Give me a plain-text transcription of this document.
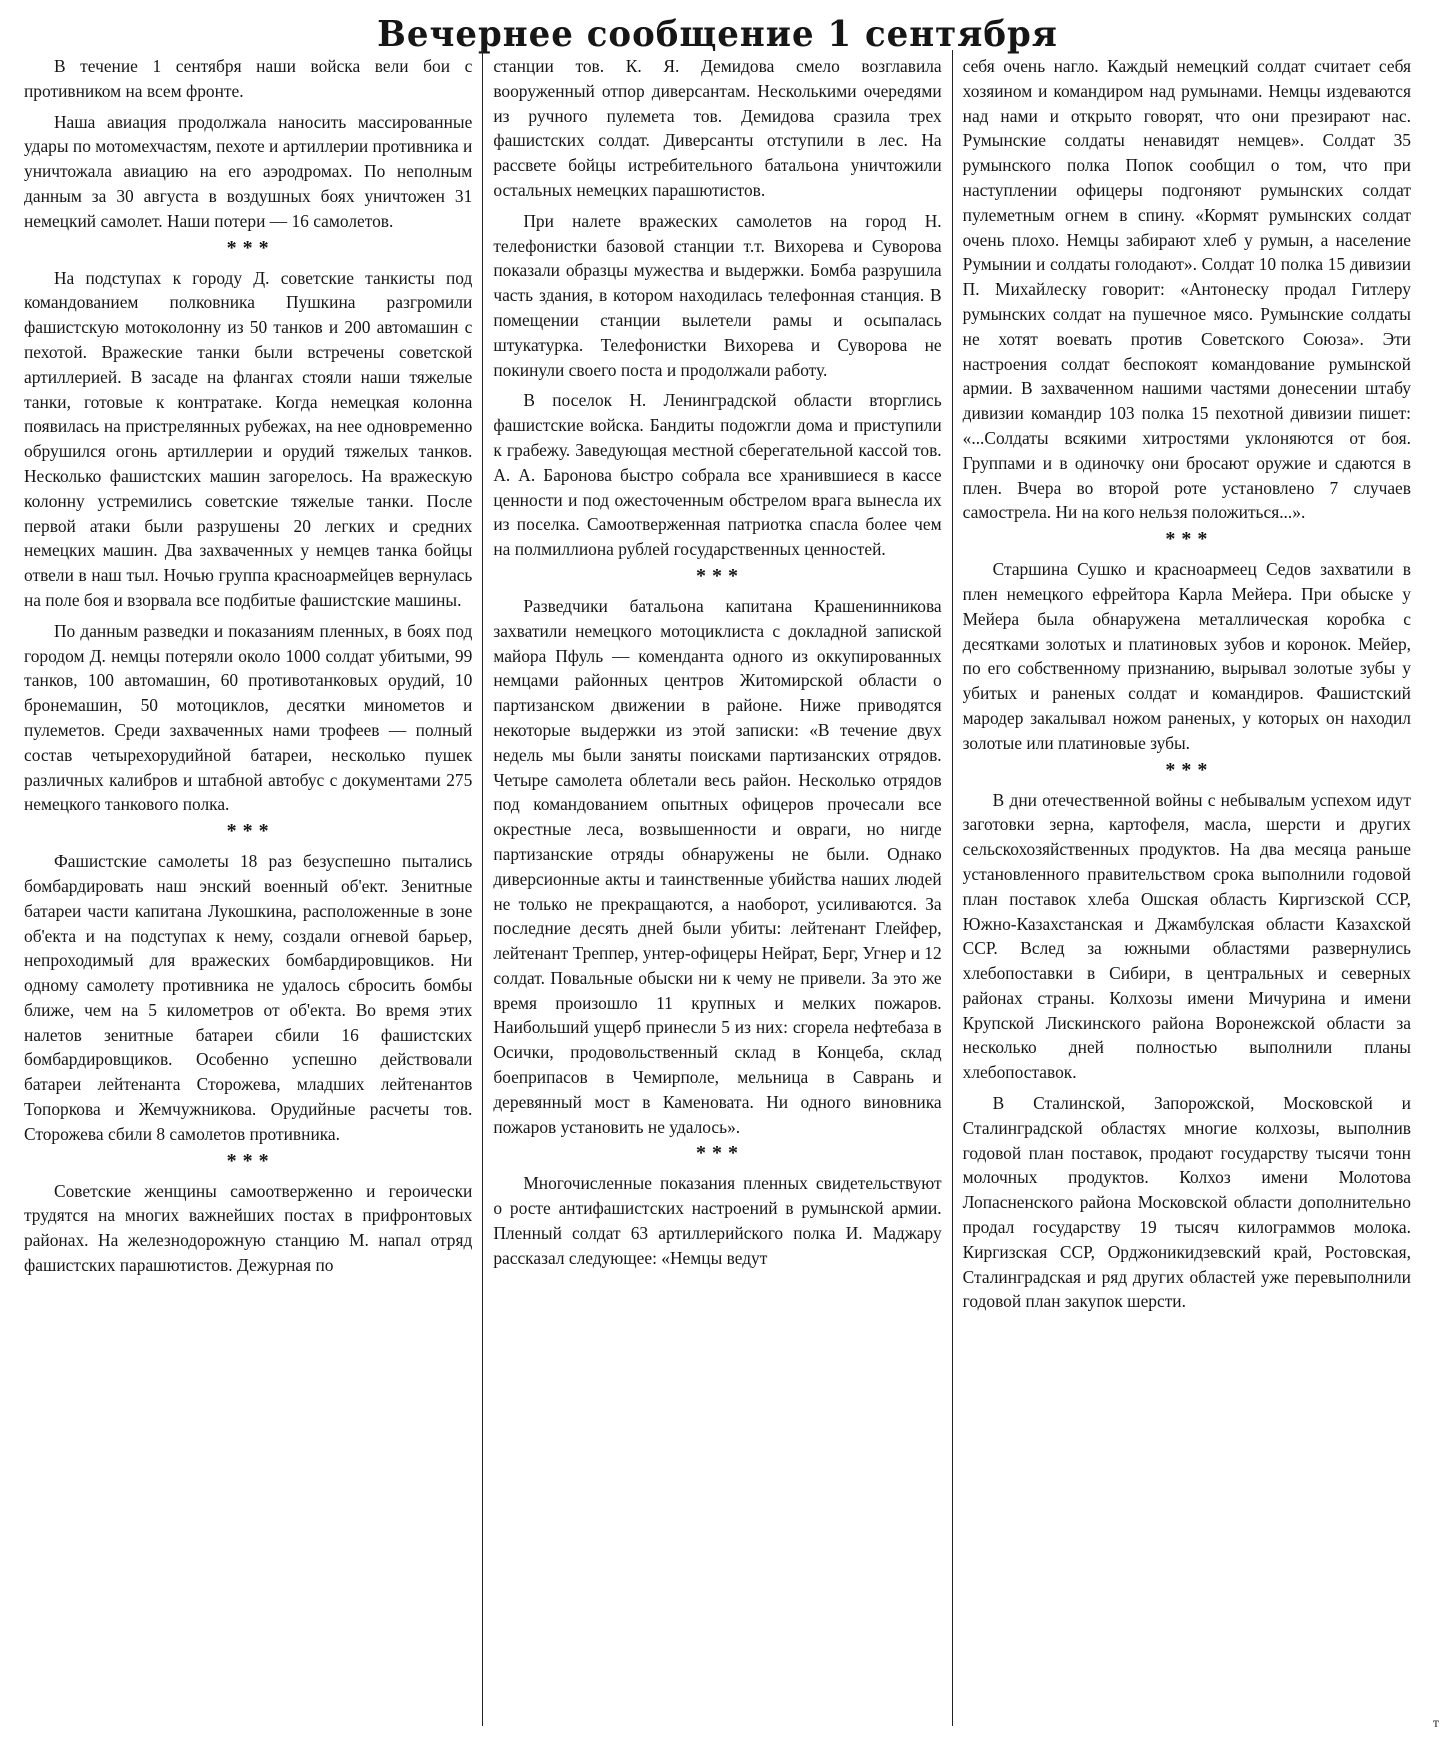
Вечернее сообщение 1 сентября

В течение 1 сентября наши войска вели бои с противником на всем фронте.

Наша авиация продолжала наносить массированные удары по мотомехчастям, пехоте и артиллерии противника и уничтожала авиацию на его аэродромах. По неполным данным за 30 августа в воздушных боях уничтожен 31 немецкий самолет. Наши потери — 16 самолетов.

* * *

На подступах к городу Д. советские танкисты под командованием полковника Пушкина разгромили фашистскую мотоколонну из 50 танков и 200 автомашин с пехотой. Вражеские танки были встречены советской артиллерией. В засаде на флангах стояли наши тяжелые танки, готовые к контратаке. Когда немецкая колонна появилась на пристрелянных рубежах, на нее одновременно обрушился огонь артиллерии и орудий тяжелых танков. Несколько фашистских машин загорелось. На вражескую колонну устремились советские тяжелые танки. После первой атаки были разрушены 20 легких и средних немецких машин. Два захваченных у немцев танка бойцы отвели в наш тыл. Ночью группа красноармейцев вернулась на поле боя и взорвала все подбитые фашистские машины.

По данным разведки и показаниям пленных, в боях под городом Д. немцы потеряли около 1000 солдат убитыми, 99 танков, 100 автомашин, 60 противотанковых орудий, 10 бронемашин, 50 мотоциклов, десятки минометов и пулеметов. Среди захваченных нами трофеев — полный состав четырехорудийной батареи, несколько пушек различных калибров и штабной автобус с документами 275 немецкого танкового полка.

* * *

Фашистские самолеты 18 раз безуспешно пытались бомбардировать наш энский военный об'ект. Зенитные батареи части капитана Лукошкина, расположенные в зоне об'екта и на подступах к нему, создали огневой барьер, непроходимый для вражеских бомбардировщиков. Ни одному самолету противника не удалось сбросить бомбы ближе, чем на 5 километров от об'екта. Во время этих налетов зенитные батареи сбили 16 фашистских бомбардировщиков. Особенно успешно действовали батареи лейтенанта Сторожева, младших лейтенантов Топоркова и Жемчужникова. Орудийные расчеты тов. Сторожева сбили 8 самолетов противника.

* * *

Советские женщины самоотверженно и героически трудятся на многих важнейших постах в прифронтовых районах. На железнодорожную станцию М. напал отряд фашистских парашютистов. Дежурная по

станции тов. К. Я. Демидова смело возглавила вооруженный отпор диверсантам. Несколькими очередями из ручного пулемета тов. Демидова сразила трех фашистских солдат. Диверсанты отступили в лес. На рассвете бойцы истребительного батальона уничтожили остальных немецких парашютистов.

При налете вражеских самолетов на город Н. телефонистки базовой станции т.т. Вихорева и Суворова показали образцы мужества и выдержки. Бомба разрушила часть здания, в котором находилась телефонная станция. В помещении станции вылетели рамы и осыпалась штукатурка. Телефонистки Вихорева и Суворова не покинули своего поста и продолжали работу.

В поселок Н. Ленинградской области вторглись фашистские войска. Бандиты подожгли дома и приступили к грабежу. Заведующая местной сберегательной кассой тов. А. А. Баронова быстро собрала все хранившиеся в кассе ценности и под ожесточенным обстрелом врага вынесла их из поселка. Самоотверженная патриотка спасла более чем на полмиллиона рублей государственных ценностей.

* * *

Разведчики батальона капитана Крашенинникова захватили немецкого мотоциклиста с докладной запиской майора Пфуль — коменданта одного из оккупированных немцами районных центров Житомирской области о партизанском движении в районе. Ниже приводятся некоторые выдержки из этой записки: «В течение двух недель мы были заняты поисками партизанских отрядов. Четыре самолета облетали весь район. Несколько отрядов под командованием опытных офицеров прочесали все окрестные леса, возвышенности и овраги, но нигде партизанские отряды обнаружены не были. Однако диверсионные акты и таинственные убийства наших людей не только не прекращаются, а наоборот, усиливаются. За последние десять дней были убиты: лейтенант Глейфер, лейтенант Треппер, унтер-офицеры Нейрат, Берг, Угнер и 12 солдат. Повальные обыски ни к чему не привели. За это же время произошло 11 крупных и мелких пожаров. Наибольший ущерб принесли 5 из них: сгорела нефтебаза в Осички, продовольственный склад в Концеба, склад боеприпасов в Чемирполе, мельница в Саврань и деревянный мост в Каменовата. Ни одного виновника пожаров установить не удалось».

* * *

Многочисленные показания пленных свидетельствуют о росте антифашистских настроений в румынской армии. Пленный солдат 63 артиллерийского полка И. Маджару рассказал следующее: «Немцы ведут

себя очень нагло. Каждый немецкий солдат считает себя хозяином и командиром над румынами. Немцы издеваются над нами и открыто говорят, что они презирают нас. Румынские солдаты ненавидят немцев». Солдат 35 румынского полка Попок сообщил о том, что при наступлении офицеры подгоняют румынских солдат пулеметным огнем в спину. «Кормят румынских солдат очень плохо. Немцы забирают хлеб у румын, а население Румынии и солдаты голодают». Солдат 10 полка 15 дивизии П. Михайлеску говорит: «Антонеску продал Гитлеру румынских солдат на пушечное мясо. Румынские солдаты не хотят воевать против Советского Союза». Эти настроения солдат беспокоят командование румынской армии. В захваченном нашими частями донесении штабу дивизии командир 103 полка 15 пехотной дивизии пишет: «...Солдаты всякими хитростями уклоняются от боя. Группами и в одиночку они бросают оружие и сдаются в плен. Вчера во второй роте установлено 7 случаев самострела. Ни на кого нельзя положиться...».

* * *

Старшина Сушко и красноармеец Седов захватили в плен немецкого ефрейтора Карла Мейера. При обыске у Мейера была обнаружена металлическая коробка с десятками золотых и платиновых зубов и коронок. Мейер, по его собственному признанию, вырывал золотые зубы у убитых и раненых солдат и командиров. Фашистский мародер закалывал ножом раненых, у которых он находил золотые или платиновые зубы.

* * *

В дни отечественной войны с небывалым успехом идут заготовки зерна, картофеля, масла, шерсти и других сельскохозяйственных продуктов. На два месяца раньше установленного правительством срока выполнили годовой план поставок хлеба Ошская область Киргизской ССР, Южно-Казахстанская и Джамбулская области Казахской ССР. Вслед за южными областями развернулись хлебопоставки в Сибири, в центральных и северных районах страны. Колхозы имени Мичурина и имени Крупской Лискинского района Воронежской области за несколько дней полностью выполнили планы хлебопоставок.

В Сталинской, Запорожской, Московской и Сталинградской областях многие колхозы, выполнив годовой план поставок, продают государству тысячи тонн молочных продуктов. Колхоз имени Молотова Лопасненского района Московской области дополнительно продал государству 19 тысяч килограммов молока. Киргизская ССР, Орджоникидзевский край, Ростовская, Сталинградская и ряд других областей уже перевыполнили годовой план закупок шерсти.

т
